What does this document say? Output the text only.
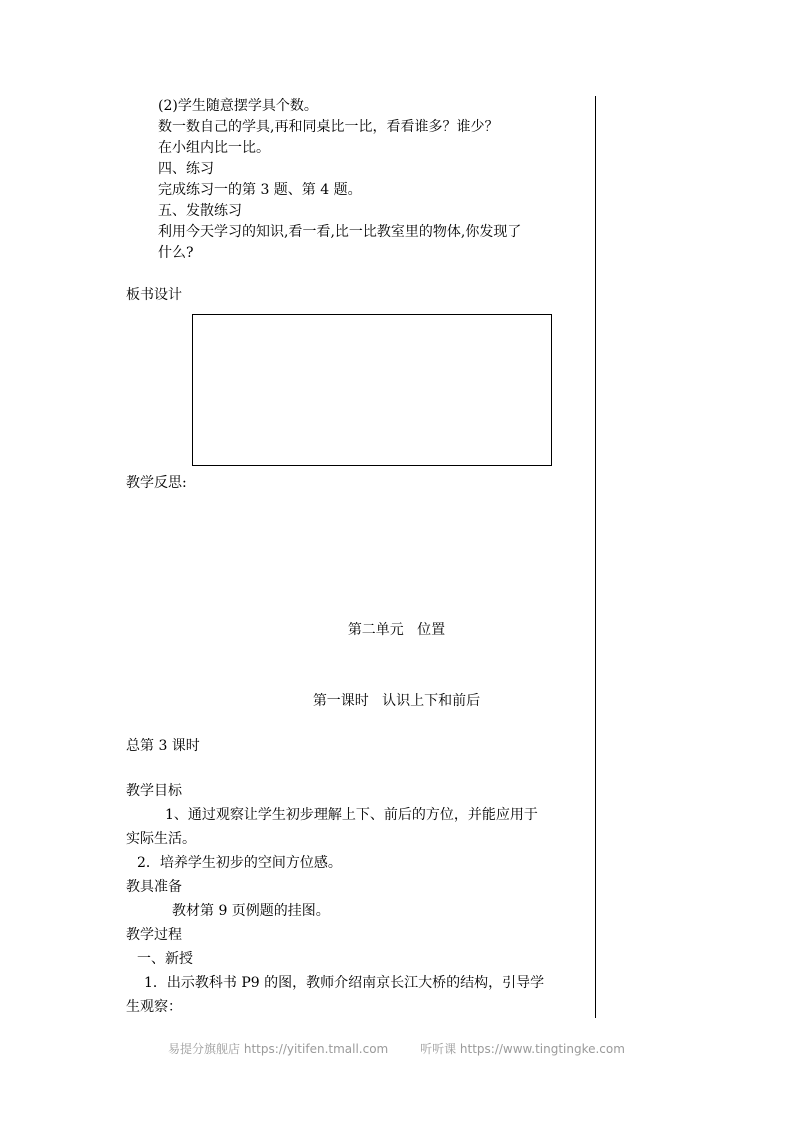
(2)学生随意摆学具个数。
数一数自己的学具,再和同桌比一比，看看谁多？谁少？
在小组内比一比。
四、练习
完成练习一的第 3 题、第 4 题。
五、发散练习
利用今天学习的知识,看一看,比一比教室里的物体,你发现了
什么?
板书设计
教学反思:
第二单元   位置
第一课时   认识上下和前后
总第 3 课时
教学目标
1、通过观察让学生初步理解上下、前后的方位，并能应用于
实际生活。
2．培养学生初步的空间方位感。
教具准备
教材第 9 页例题的挂图。
教学过程
一、新授
1．出示教科书 P9 的图，教师介绍南京长江大桥的结构，引导学
生观察：
易提分旗舰店 https://yitifen.tmall.com	听听课 https://www.tingtingke.com
